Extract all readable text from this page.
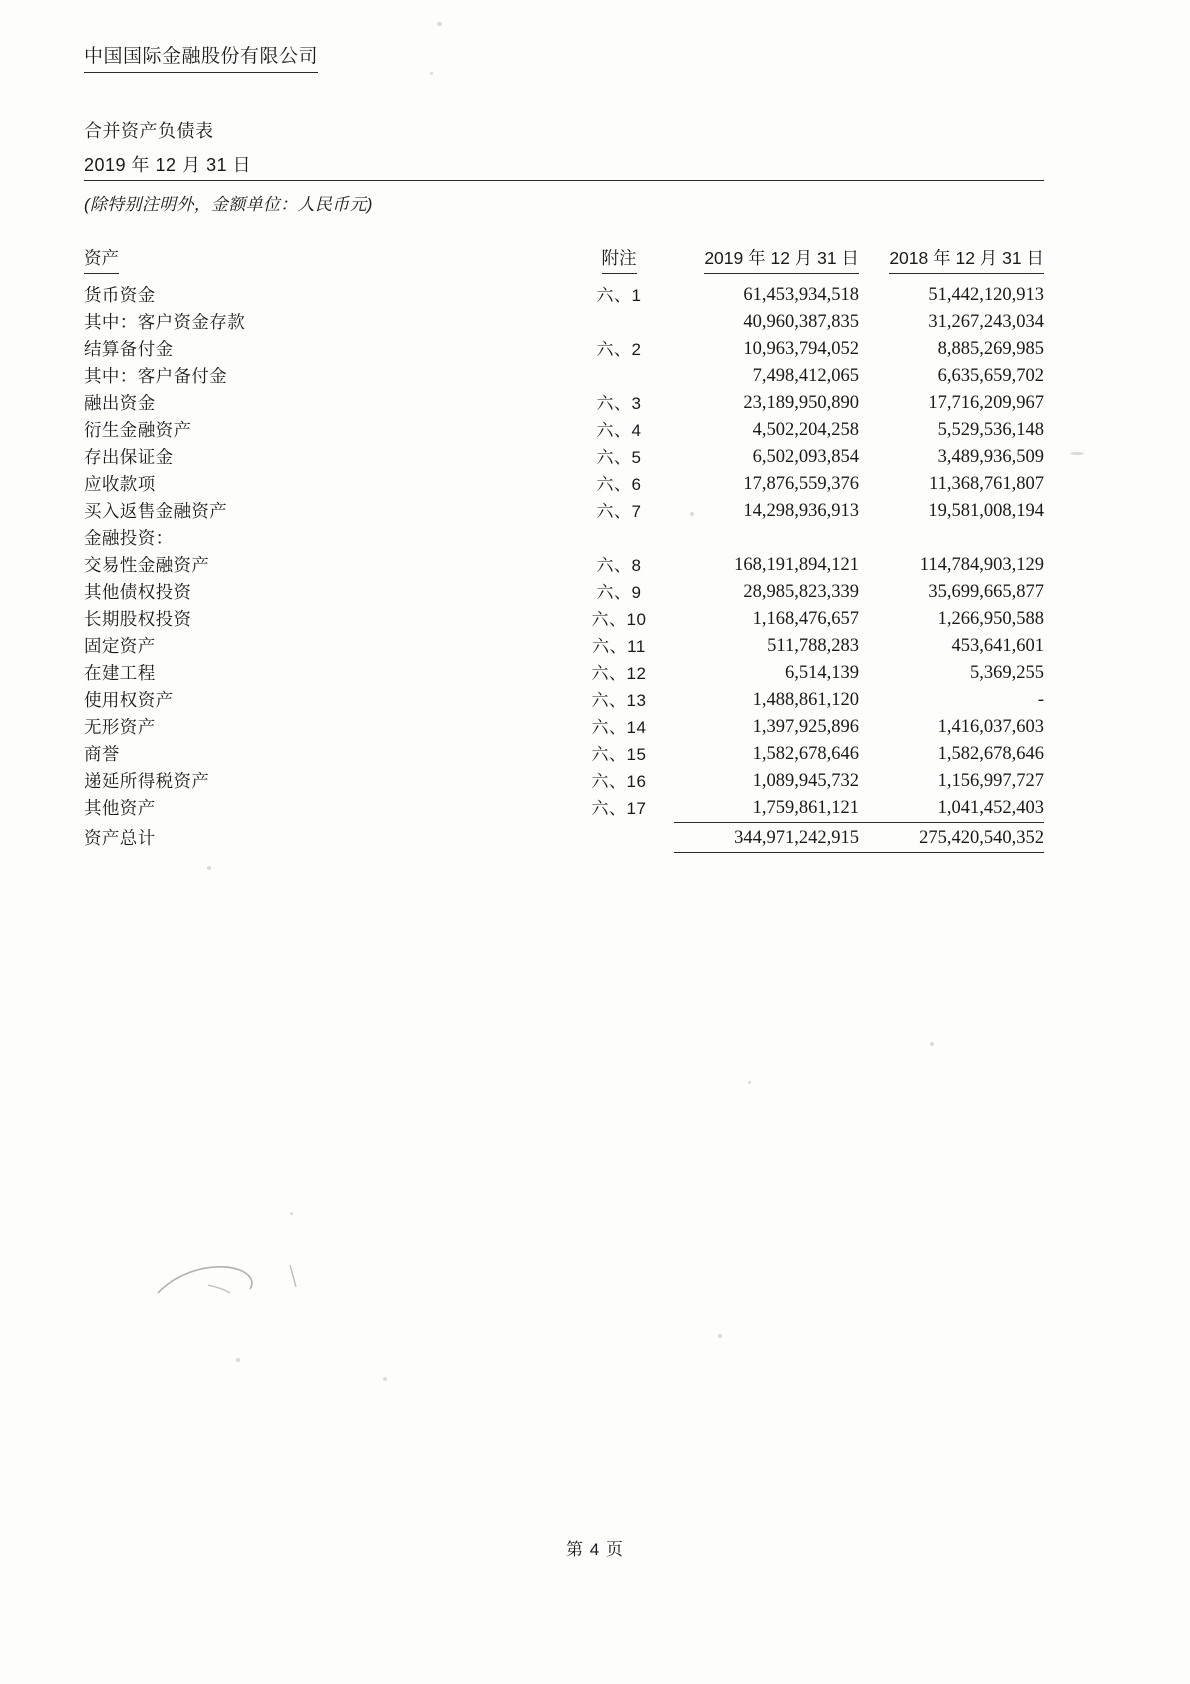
中国国际金融股份有限公司
合并资产负债表
2019 年 12 月 31 日
(除特别注明外，金额单位：人民币元)
资产	附注	2019 年 12 月 31 日	2018 年 12 月 31 日

货币资金	六、1	61,453,934,518	51,442,120,913
其中：客户资金存款		40,960,387,835	31,267,243,034
结算备付金	六、2	10,963,794,052	8,885,269,985
其中：客户备付金		7,498,412,065	6,635,659,702
融出资金	六、3	23,189,950,890	17,716,209,967
衍生金融资产	六、4	4,502,204,258	5,529,536,148
存出保证金	六、5	6,502,093,854	3,489,936,509
应收款项	六、6	17,876,559,376	11,368,761,807
买入返售金融资产	六、7	14,298,936,913	19,581,008,194
金融投资：			
交易性金融资产	六、8	168,191,894,121	114,784,903,129
其他债权投资	六、9	28,985,823,339	35,699,665,877
长期股权投资	六、10	1,168,476,657	1,266,950,588
固定资产	六、11	511,788,283	453,641,601
在建工程	六、12	6,514,139	5,369,255
使用权资产	六、13	1,488,861,120	-
无形资产	六、14	1,397,925,896	1,416,037,603
商誉	六、15	1,582,678,646	1,582,678,646
递延所得税资产	六、16	1,089,945,732	1,156,997,727
其他资产	六、17	1,759,861,121	1,041,452,403
资产总计		344,971,242,915	275,420,540,352
第 4 页
